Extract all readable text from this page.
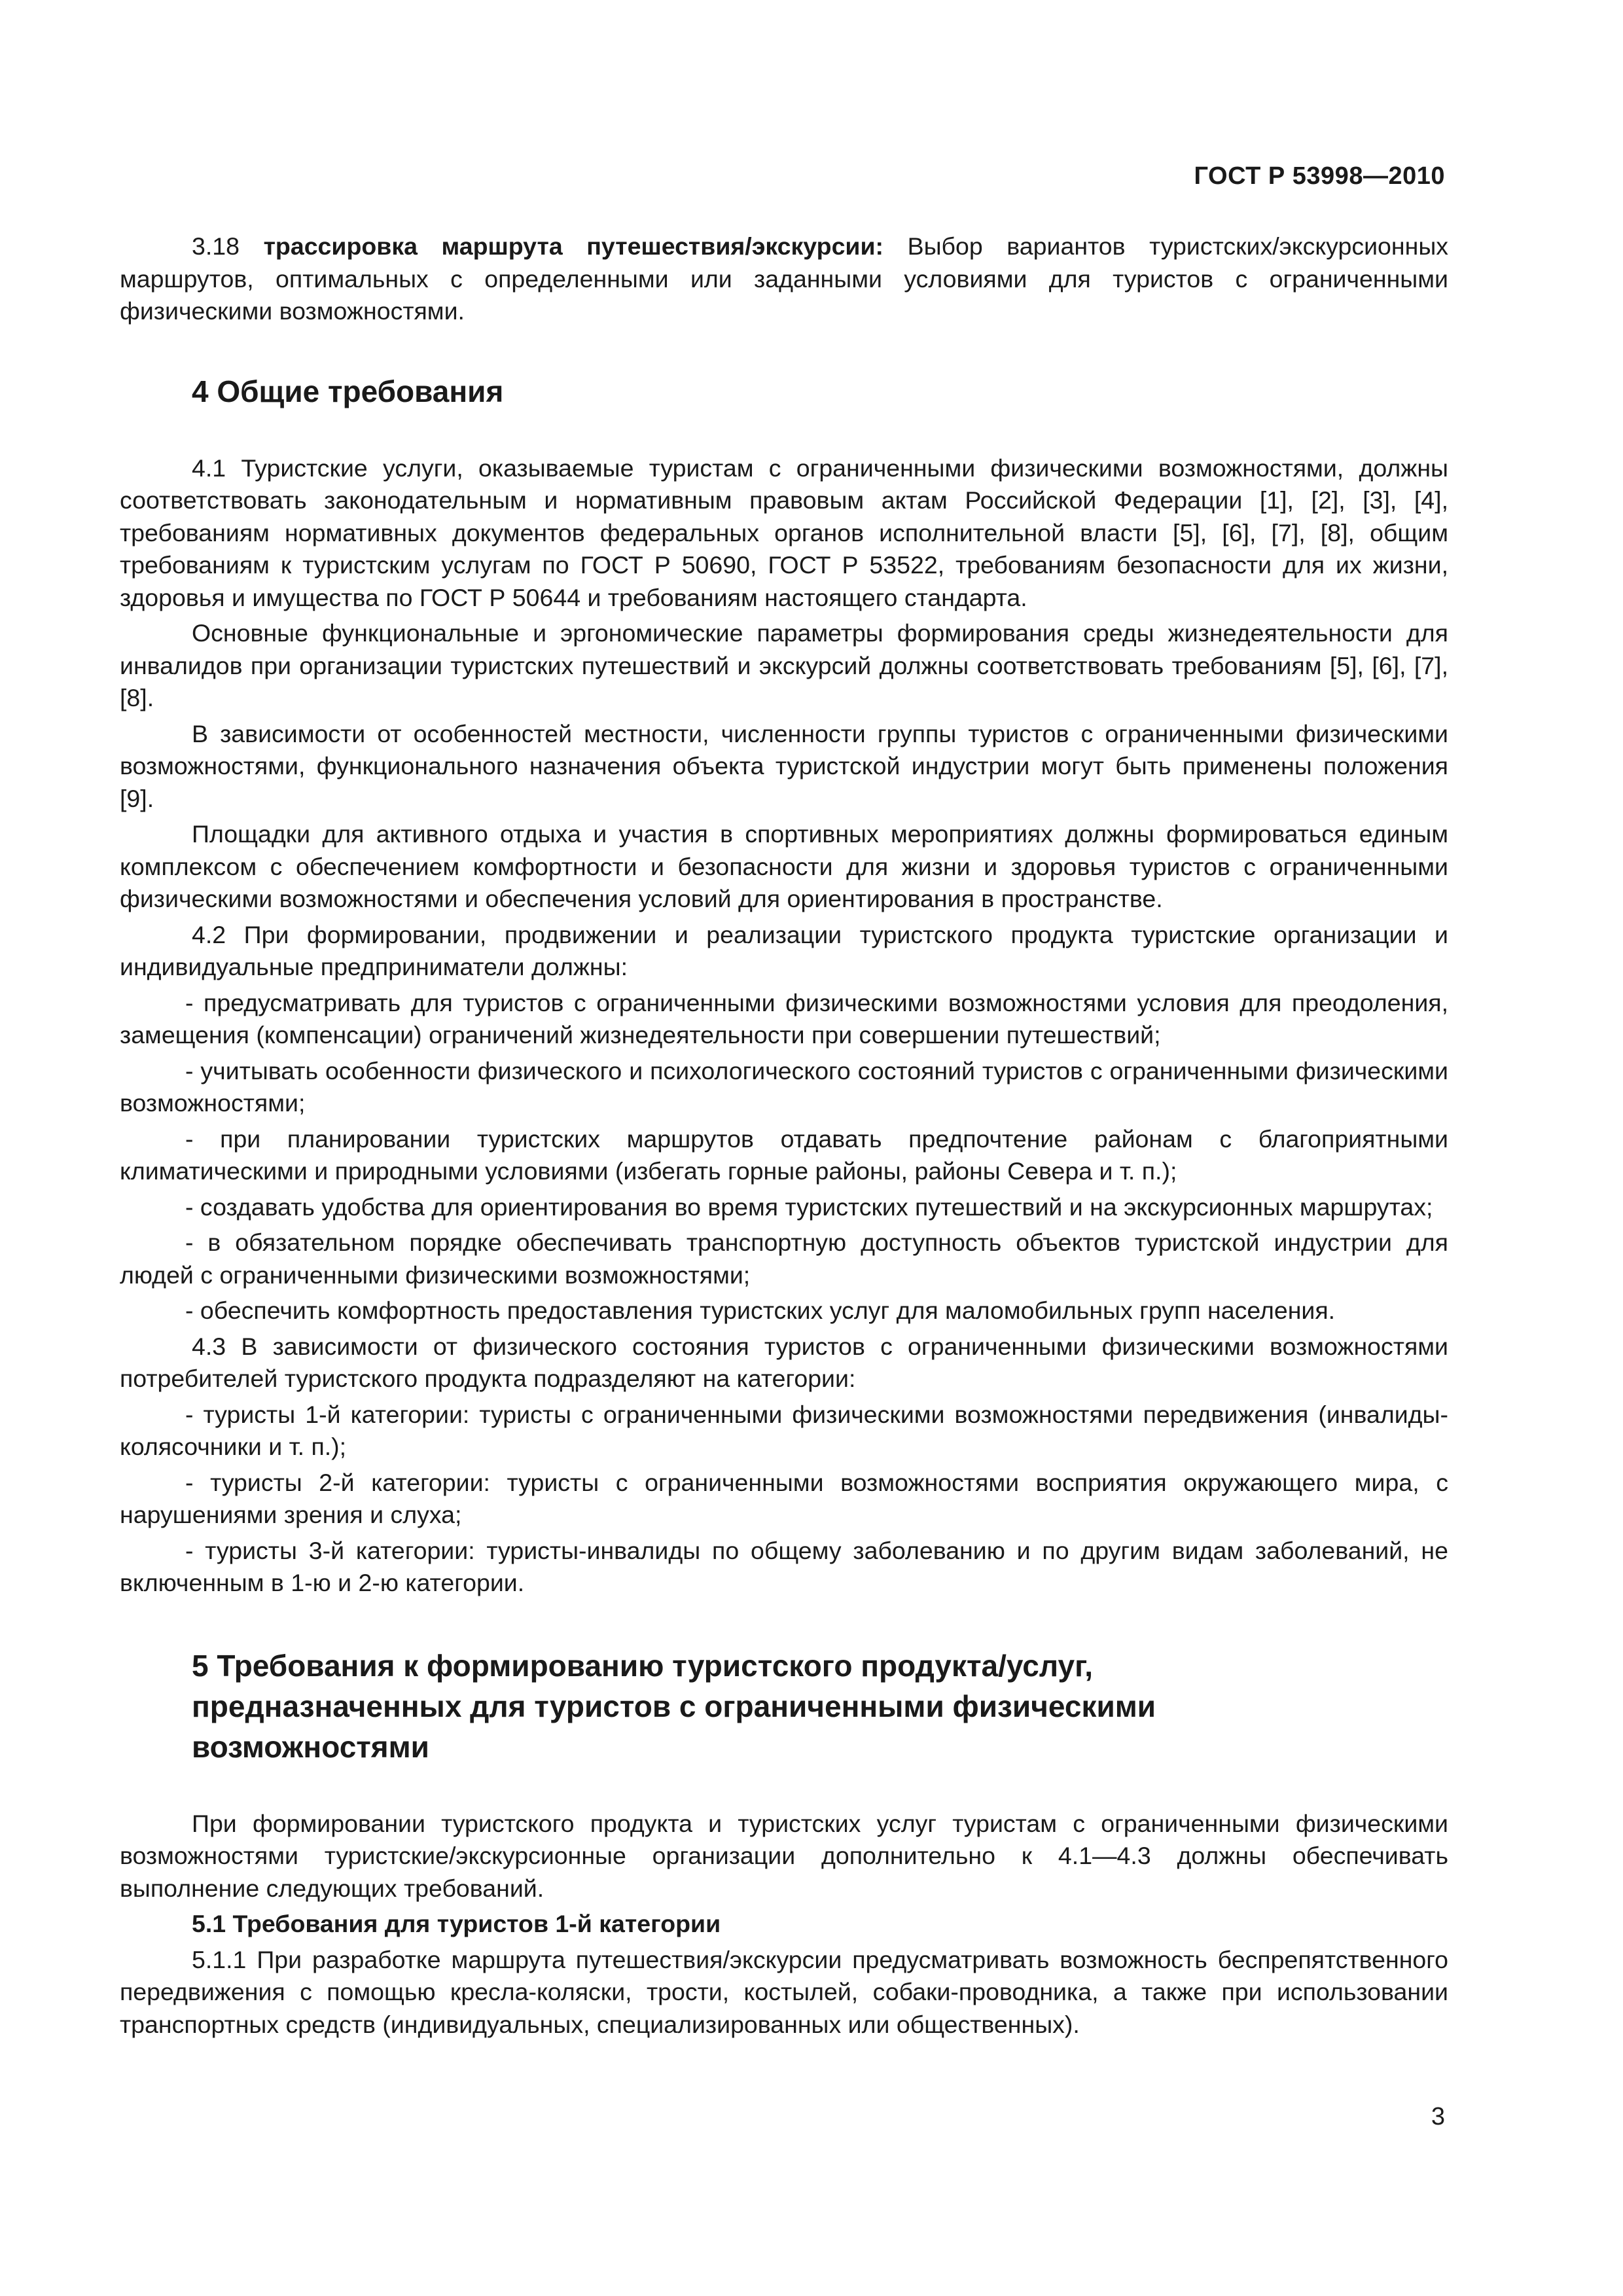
ГОСТ Р 53998—2010

3.18 трассировка маршрута путешествия/экскурсии: Выбор вариантов туристских/экскурсионных маршрутов, оптимальных с определенными или заданными условиями для туристов с ограниченными физическими возможностями.

4 Общие требования

4.1 Туристские услуги, оказываемые туристам с ограниченными физическими возможностями, должны соответствовать законодательным и нормативным правовым актам Российской Федерации [1], [2], [3], [4], требованиям нормативных документов федеральных органов исполнительной власти [5], [6], [7], [8], общим требованиям к туристским услугам по ГОСТ Р 50690, ГОСТ Р 53522, требованиям безопасности для их жизни, здоровья и имущества по ГОСТ Р 50644 и требованиям настоящего стандарта.

Основные функциональные и эргономические параметры формирования среды жизнедеятельности для инвалидов при организации туристских путешествий и экскурсий должны соответствовать требованиям [5], [6], [7], [8].

В зависимости от особенностей местности, численности группы туристов с ограниченными физическими возможностями, функционального назначения объекта туристской индустрии могут быть применены положения [9].

Площадки для активного отдыха и участия в спортивных мероприятиях должны формироваться единым комплексом с обеспечением комфортности и безопасности для жизни и здоровья туристов с ограниченными физическими возможностями и обеспечения условий для ориентирования в пространстве.

4.2 При формировании, продвижении и реализации туристского продукта туристские организации и индивидуальные предприниматели должны:

- предусматривать для туристов с ограниченными физическими возможностями условия для преодоления, замещения (компенсации) ограничений жизнедеятельности при совершении путешествий;

- учитывать особенности физического и психологического состояний туристов с ограниченными физическими возможностями;

- при планировании туристских маршрутов отдавать предпочтение районам с благоприятными климатическими и природными условиями (избегать горные районы, районы Севера и т. п.);

- создавать удобства для ориентирования во время туристских путешествий и на экскурсионных маршрутах;

- в обязательном порядке обеспечивать транспортную доступность объектов туристской индустрии для людей с ограниченными физическими возможностями;

- обеспечить комфортность предоставления туристских услуг для маломобильных групп населения.

4.3 В зависимости от физического состояния туристов с ограниченными физическими возможностями потребителей туристского продукта подразделяют на категории:

- туристы 1-й категории: туристы с ограниченными физическими возможностями передвижения (инвалиды-колясочники и т. п.);

- туристы 2-й категории: туристы с ограниченными возможностями восприятия окружающего мира, с нарушениями зрения и слуха;

- туристы 3-й категории: туристы-инвалиды по общему заболеванию и по другим видам заболеваний, не включенным в 1-ю и 2-ю категории.

5 Требования к формированию туристского продукта/услуг, предназначенных для туристов с ограниченными физическими возможностями

При формировании туристского продукта и туристских услуг туристам с ограниченными физическими возможностями туристские/экскурсионные организации дополнительно к 4.1—4.3 должны обеспечивать выполнение следующих требований.

5.1 Требования для туристов 1-й категории

5.1.1 При разработке маршрута путешествия/экскурсии предусматривать возможность беспрепятственного передвижения с помощью кресла-коляски, трости, костылей, собаки-проводника, а также при использовании транспортных средств (индивидуальных, специализированных или общественных).

3
